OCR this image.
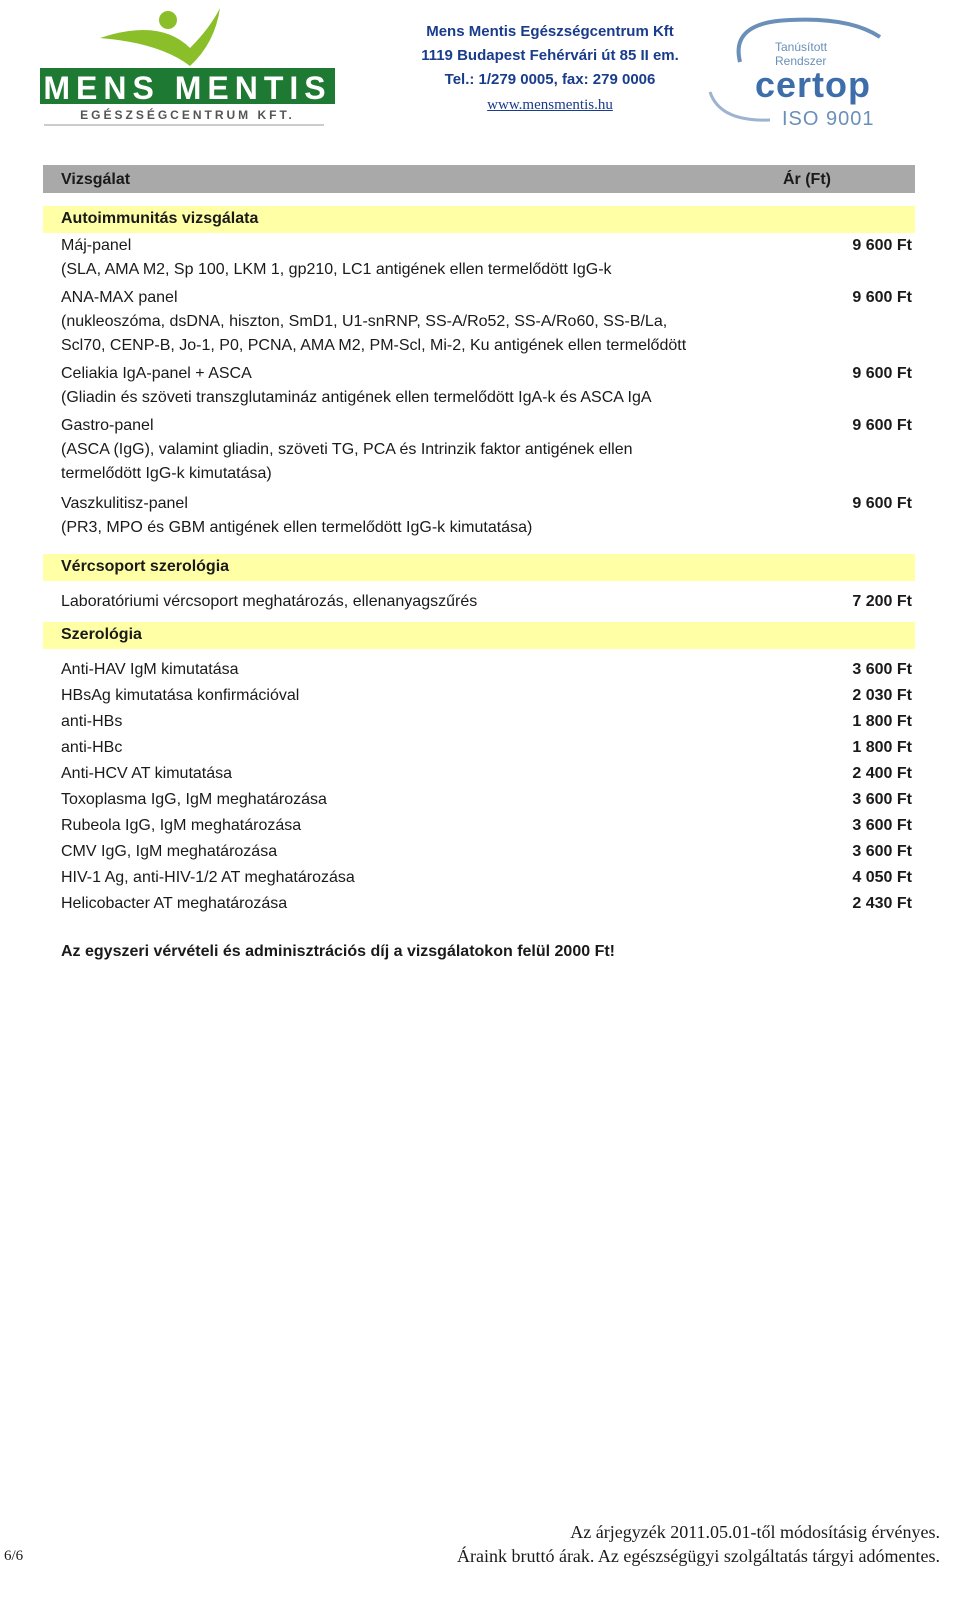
MENS MENTIS
EGÉSZSÉGCENTRUM KFT.
Mens Mentis Egészségcentrum Kft
1119 Budapest Fehérvári út 85 II em.
Tel.: 1/279 0005, fax: 279 0006
www.mensmentis.hu
Tanúsított
Rendszer
certop
ISO 9001
Vizsgálat	Ár (Ft)
Autoimmunitás vizsgálata
Máj-panel
(SLA, AMA M2, Sp 100, LKM 1, gp210, LC1 antigének ellen termelődött IgG-k
9 600 Ft
ANA-MAX panel
(nukleoszóma, dsDNA, hiszton, SmD1, U1-snRNP, SS-A/Ro52, SS-A/Ro60, SS-B/La,
Scl70, CENP-B, Jo-1, P0, PCNA, AMA M2, PM-Scl, Mi-2, Ku antigének ellen termelődött
9 600 Ft
Celiakia IgA-panel + ASCA
(Gliadin és szöveti transzglutamináz antigének ellen termelődött IgA-k és ASCA IgA
9 600 Ft
Gastro-panel
(ASCA (IgG), valamint gliadin, szöveti TG, PCA és Intrinzik faktor antigének ellen
termelődött IgG-k kimutatása)
9 600 Ft
Vaszkulitisz-panel
(PR3, MPO és GBM antigének ellen termelődött IgG-k kimutatása)
9 600 Ft
Vércsoport szerológia
Laboratóriumi vércsoport meghatározás, ellenanyagszűrés	7 200 Ft
Szerológia
Anti-HAV IgM kimutatása	3 600 Ft
HBsAg kimutatása konfirmációval	2 030 Ft
anti-HBs	1 800 Ft
anti-HBc	1 800 Ft
Anti-HCV AT kimutatása	2 400 Ft
Toxoplasma IgG, IgM meghatározása	3 600 Ft
Rubeola IgG, IgM meghatározása	3 600 Ft
CMV IgG, IgM meghatározása	3 600 Ft
HIV-1 Ag, anti-HIV-1/2 AT meghatározása	4 050 Ft
Helicobacter AT meghatározása	2 430 Ft
Az egyszeri vérvételi és adminisztrációs díj a vizsgálatokon felül 2000 Ft!
Az árjegyzék 2011.05.01-től módosításig érvényes.
Áraink bruttó árak. Az egészségügyi szolgáltatás tárgyi adómentes.
6/6
